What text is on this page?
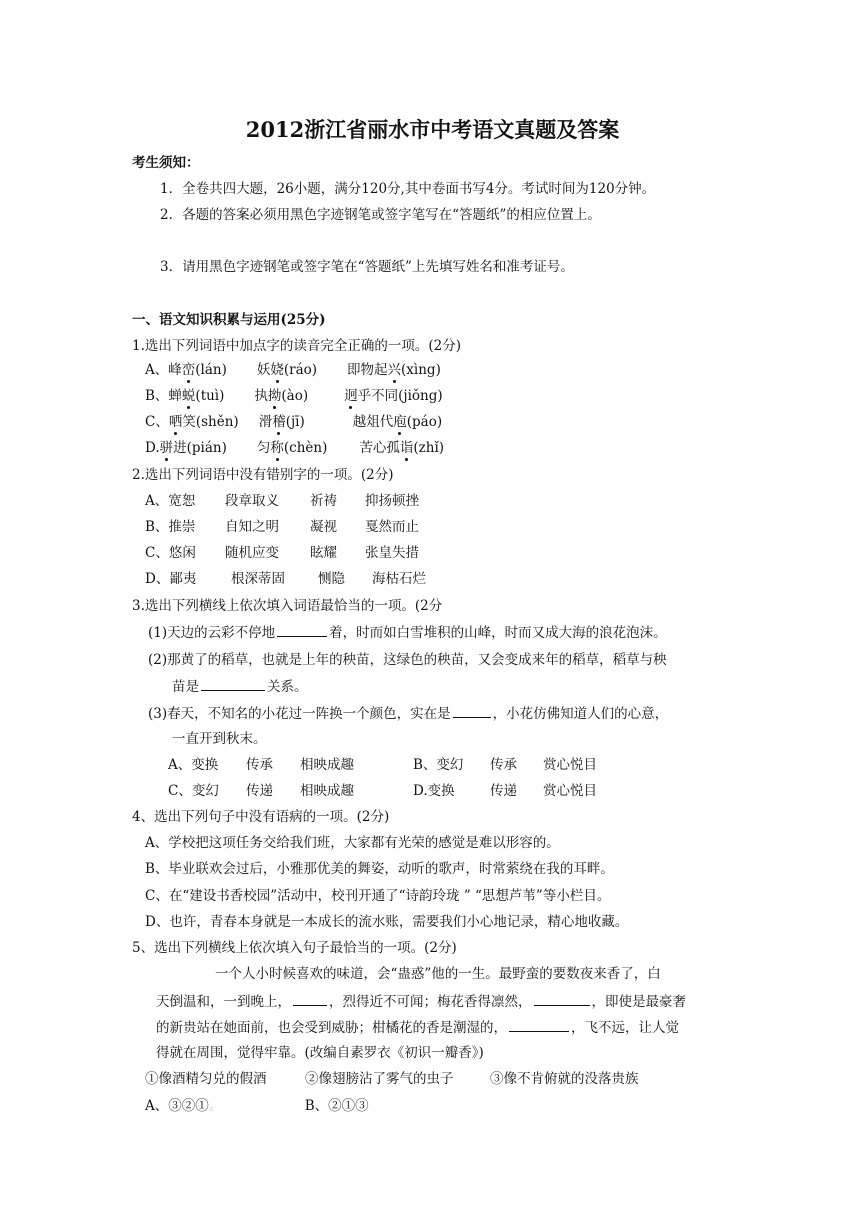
2012浙江省丽水市中考语文真题及答案
考生须知：
1．全卷共四大题，26小题，满分120分,其中卷面书写4分。考试时间为120分钟。
2．各题的答案必须用黑色字迹钢笔或签字笔写在“答题纸”的相应位置上。
3．请用黑色字迹钢笔或签字笔在“答题纸”上先填写姓名和准考证号。
一、语文知识积累与运用(25分)
1.选出下列词语中加点字的读音完全正确的一项。(2分)
A、峰峦(lán) 妖娆(ráo) 即物起兴(xìng)
B、蝉蜕(tuì) 执拗(ào)	迥乎不同(jiǒng)
C、哂笑(shěn) 滑稽(jī)	越俎代庖(páo)
D.骈进(pián) 匀称(chèn) 苦心孤诣(zhǐ)
2.选出下列词语中没有错别字的一项。(2分)
A、宽恕 段章取义 祈祷 抑扬顿挫
B、推崇 自知之明 凝视 戛然而止
C、悠闲 随机应变 眩耀 张皇失措
D、鄙夷	根深蒂固 恻隐 海枯石烂
3.选出下列横线上依次填入词语最恰当的一项。(2分
(1)天边的云彩不停地	着，时而如白雪堆积的山峰，时而又成大海的浪花泡沫。
(2)那黄了的稻草，也就是上年的秧苗，这绿色的秧苗，又会变成来年的稻草，稻草与秧
苗是	关系。
(3)春天，不知名的小花过一阵换一个颜色，实在是	，小花仿佛知道人们的心意，
一直开到秋末。
A、变换 传承 相映成趣	B、变幻 传承 赏心悦目
C、变幻 传递 相映成趣	D.变换	传递 赏心悦目
4、选出下列句子中没有语病的一项。(2分)
A、学校把这项任务交给我们班，大家都有光荣的感觉是难以形容的。
B、毕业联欢会过后，小雅那优美的舞姿，动听的歌声，时常萦绕在我的耳畔。
C、在“建设书香校园”活动中，校刊开通了“诗韵玲珑 ” “思想芦苇”等小栏目。
D、也许，青春本身就是一本成长的流水账，需要我们小心地记录，精心地收藏。
5、选出下列横线上依次填入句子最恰当的一项。(2分)
一个人小时候喜欢的味道，会“蛊惑”他的一生。最野蛮的要数夜来香了，白
天倒温和，一到晚上，	，烈得近不可闻；梅花香得凛然，	，即使是最豪奢
的新贵站在她面前，也会受到威胁；柑橘花的香是潮湿的，	，飞不远，让人觉
得就在周围，觉得牢靠。(改编自素罗衣《初识一瓣香》)
①像酒精匀兑的假酒	②像翅膀沾了雾气的虫子	③像不肯俯就的没落贵族
A、③②①。	B、②①③
